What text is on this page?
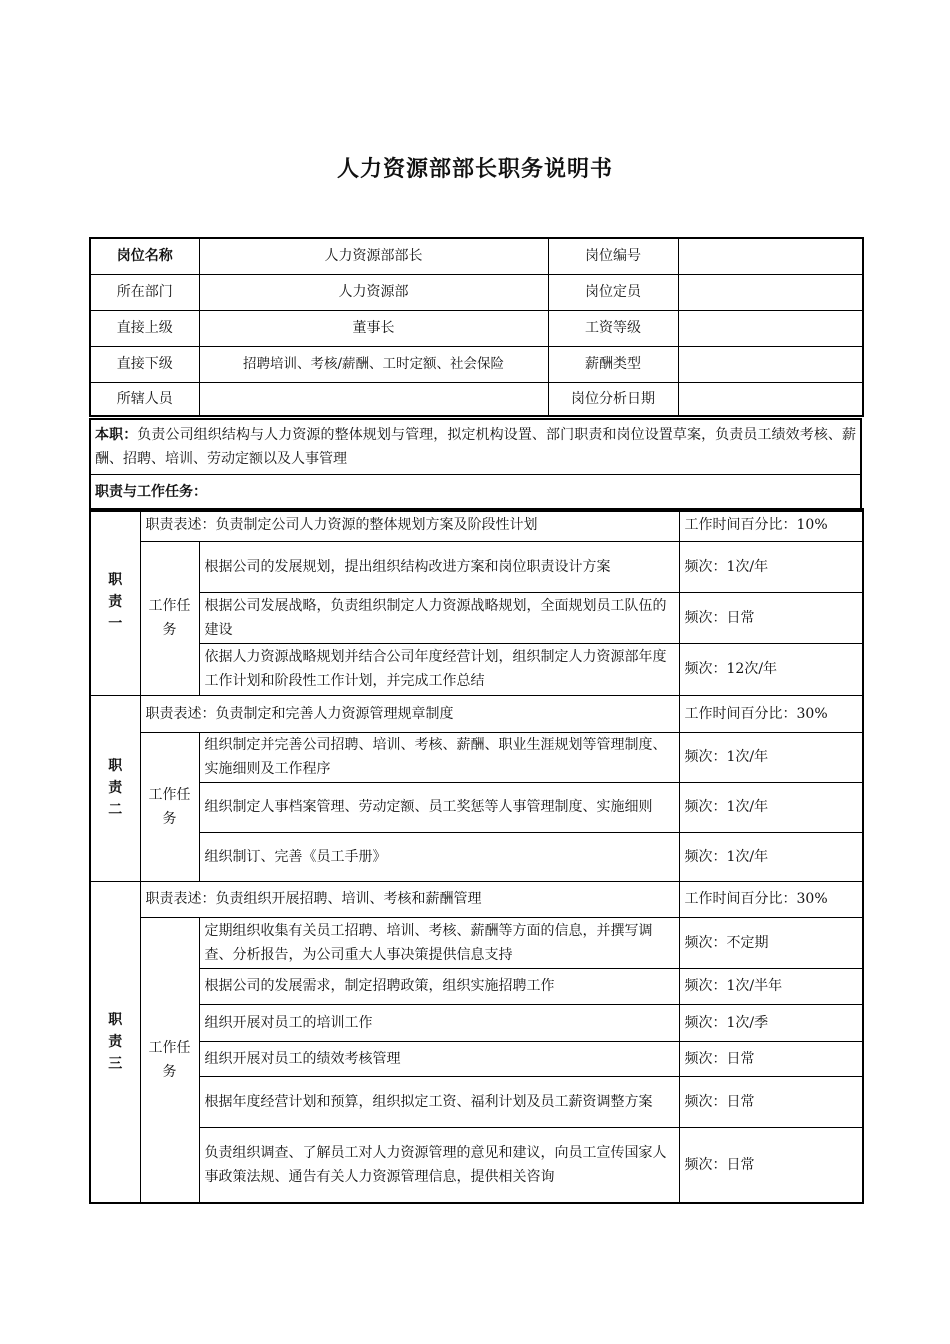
人力资源部部长职务说明书
岗位名称	人力资源部部长	岗位编号	
所在部门	人力资源部	岗位定员	
直接上级	董事长	工资等级	
直接下级	招聘培训、考核/薪酬、工时定额、社会保险	薪酬类型	
所辖人员		岗位分析日期	
本职：负责公司组织结构与人力资源的整体规划与管理，拟定机构设置、部门职责和岗位设置草案，负责员工绩效考核、薪酬、招聘、培训、劳动定额以及人事管理
职责与工作任务：
职
责
一	职责表述：负责制定公司人力资源的整体规划方案及阶段性计划		工作时间百分比：10%
	工作任务	根据公司的发展规划，提出组织结构改进方案和岗位职责设计方案	频次：1次/年
		根据公司发展战略，负责组织制定人力资源战略规划，全面规划员工队伍的建设	频次：日常
		依据人力资源战略规划并结合公司年度经营计划，组织制定人力资源部年度工作计划和阶段性工作计划，并完成工作总结	频次：12次/年

职
责
二	职责表述：负责制定和完善人力资源管理规章制度		工作时间百分比：30%
	工作任务	组织制定并完善公司招聘、培训、考核、薪酬、职业生涯规划等管理制度、实施细则及工作程序	频次：1次/年
		组织制定人事档案管理、劳动定额、员工奖惩等人事管理制度、实施细则	频次：1次/年
		组织制订、完善《员工手册》	频次：1次/年

职
责
三	职责表述：负责组织开展招聘、培训、考核和薪酬管理		工作时间百分比：30%
	工作任务	定期组织收集有关员工招聘、培训、考核、薪酬等方面的信息，并撰写调查、分析报告，为公司重大人事决策提供信息支持	频次：不定期
		根据公司的发展需求，制定招聘政策，组织实施招聘工作	频次：1次/半年
		组织开展对员工的培训工作	频次：1次/季
		组织开展对员工的绩效考核管理	频次：日常
		根据年度经营计划和预算，组织拟定工资、福利计划及员工薪资调整方案	频次：日常
		负责组织调查、了解员工对人力资源管理的意见和建议，向员工宣传国家人事政策法规、通告有关人力资源管理信息，提供相关咨询	频次：日常
